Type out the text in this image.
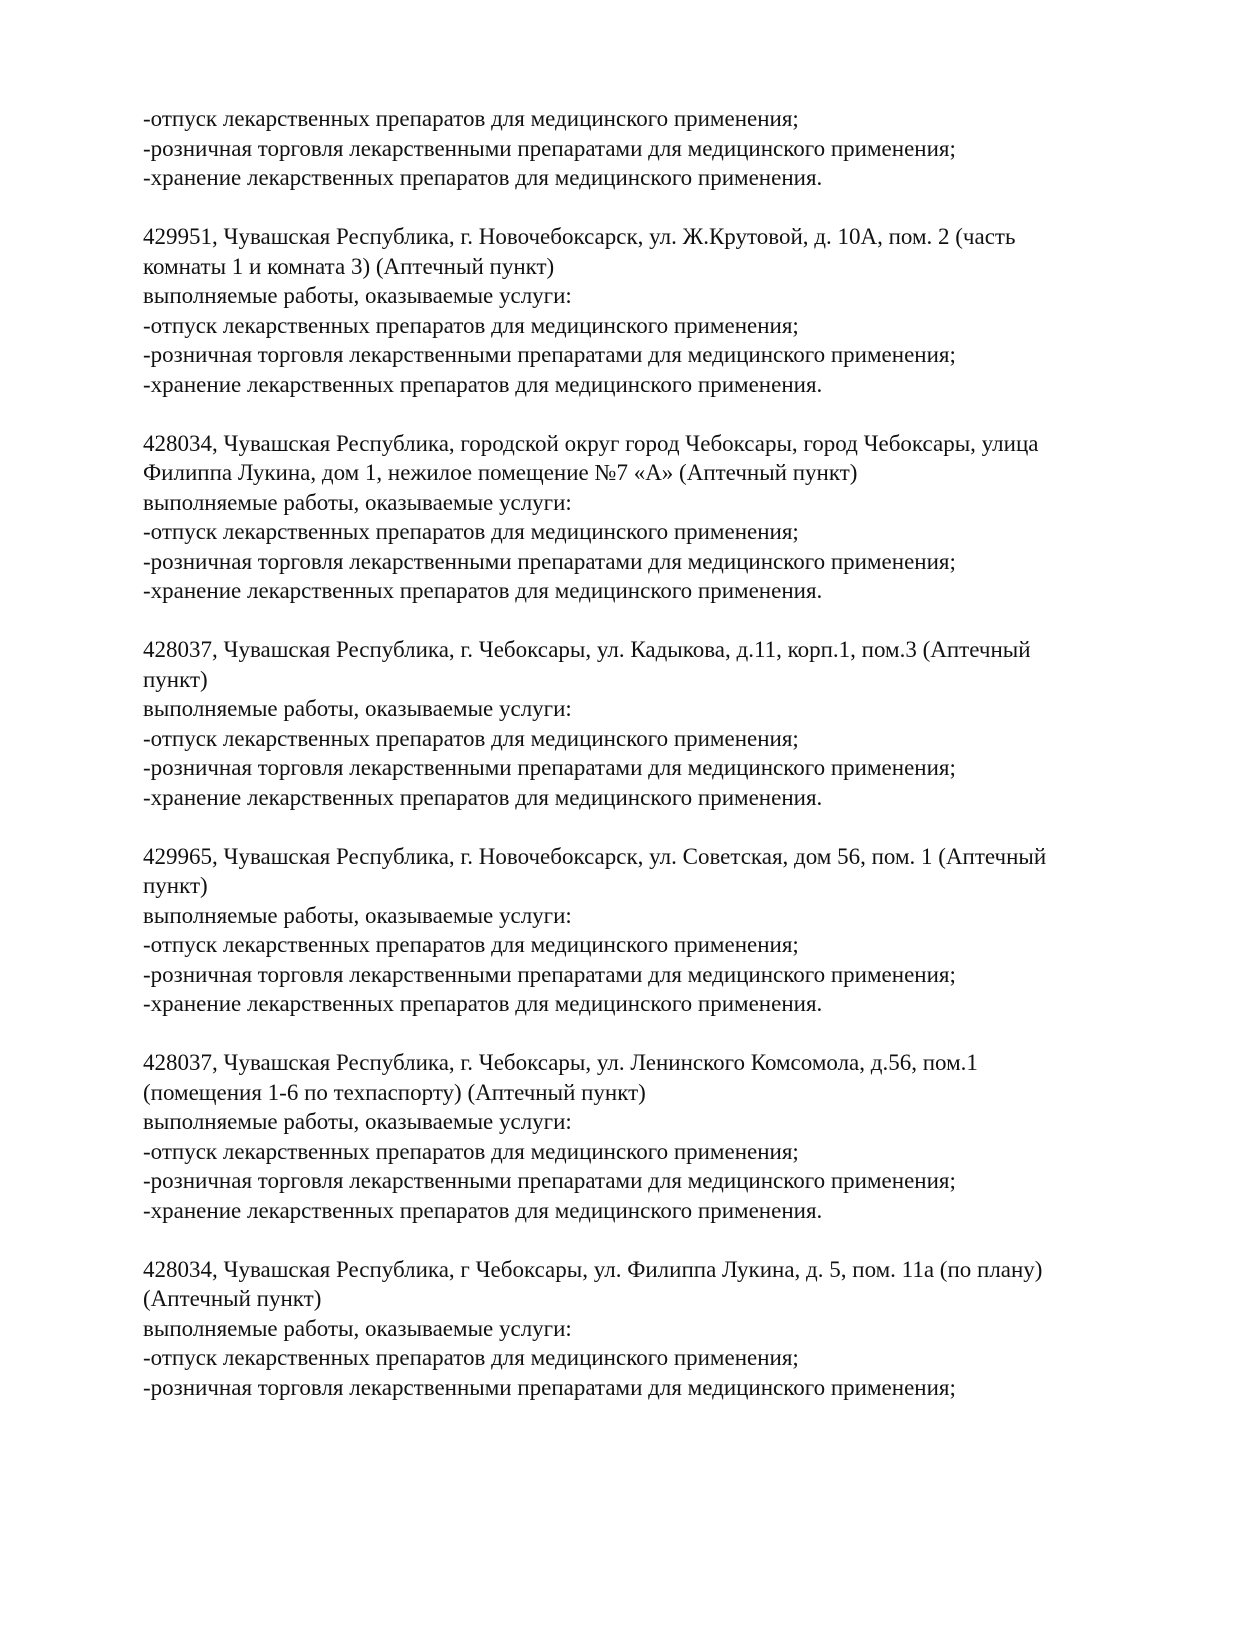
-отпуск лекарственных препаратов для медицинского применения;

-розничная торговля лекарственными препаратами для медицинского применения;

-хранение лекарственных препаратов для медицинского применения.

429951, Чувашская Республика, г. Новочебоксарск, ул. Ж.Крутовой, д. 10А, пом. 2 (часть

комнаты 1 и комната 3) (Аптечный пункт)

выполняемые работы, оказываемые услуги:

-отпуск лекарственных препаратов для медицинского применения;

-розничная торговля лекарственными препаратами для медицинского применения;

-хранение лекарственных препаратов для медицинского применения.

428034, Чувашская Республика, городской округ город Чебоксары, город Чебоксары, улица

Филиппа Лукина, дом 1, нежилое помещение №7 «А» (Аптечный пункт)

выполняемые работы, оказываемые услуги:

-отпуск лекарственных препаратов для медицинского применения;

-розничная торговля лекарственными препаратами для медицинского применения;

-хранение лекарственных препаратов для медицинского применения.

428037, Чувашская Республика, г. Чебоксары, ул. Кадыкова, д.11, корп.1, пом.3 (Аптечный

пункт)

выполняемые работы, оказываемые услуги:

-отпуск лекарственных препаратов для медицинского применения;

-розничная торговля лекарственными препаратами для медицинского применения;

-хранение лекарственных препаратов для медицинского применения.

429965, Чувашская Республика, г. Новочебоксарск, ул. Советская, дом 56, пом. 1 (Аптечный

пункт)

выполняемые работы, оказываемые услуги:

-отпуск лекарственных препаратов для медицинского применения;

-розничная торговля лекарственными препаратами для медицинского применения;

-хранение лекарственных препаратов для медицинского применения.

428037, Чувашская Республика, г. Чебоксары, ул. Ленинского Комсомола, д.56, пом.1

(помещения 1-6 по техпаспорту) (Аптечный пункт)

выполняемые работы, оказываемые услуги:

-отпуск лекарственных препаратов для медицинского применения;

-розничная торговля лекарственными препаратами для медицинского применения;

-хранение лекарственных препаратов для медицинского применения.

428034, Чувашская Республика, г Чебоксары, ул. Филиппа Лукина, д. 5, пом. 11а (по плану)

(Аптечный пункт)

выполняемые работы, оказываемые услуги:

-отпуск лекарственных препаратов для медицинского применения;

-розничная торговля лекарственными препаратами для медицинского применения;
